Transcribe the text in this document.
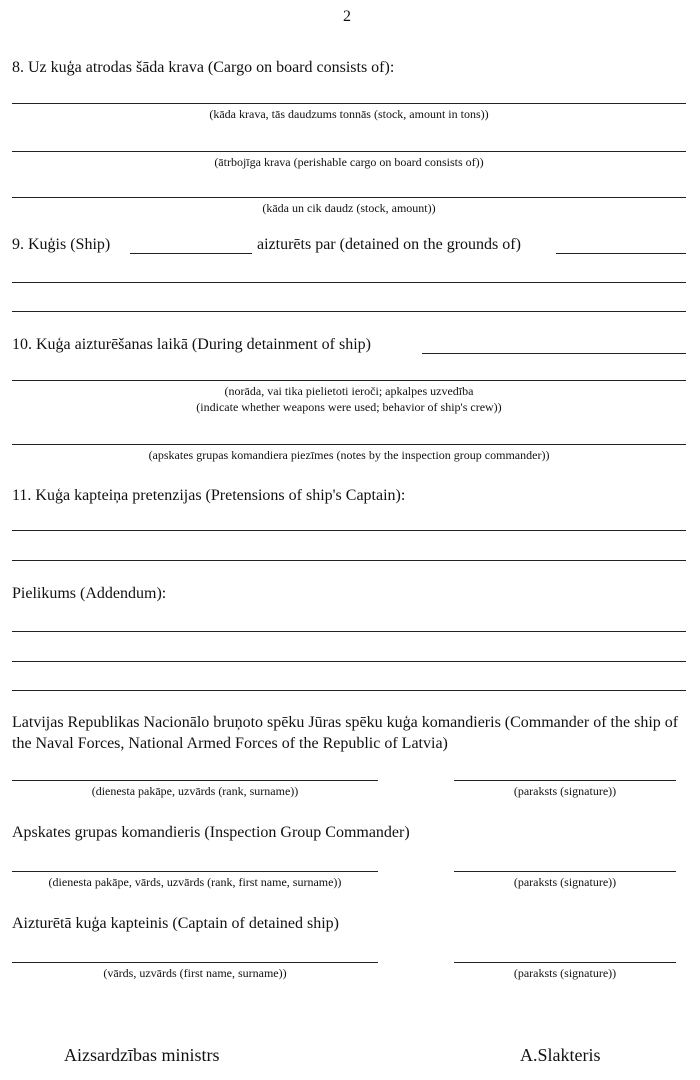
2
8. Uz kuģa atrodas šāda krava (Cargo on board consists of):
(kāda krava, tās daudzums tonnās (stock, amount in tons))
(ātrbojīga krava (perishable cargo on board consists of))
(kāda un cik daudz (stock, amount))
9. Kuģis (Ship)	aizturēts par (detained on the grounds of)
10. Kuģa aizturēšanas laikā (During detainment of ship)
(norāda, vai tika pielietoti ieroči; apkalpes uzvedība
(indicate whether weapons were used; behavior of ship's crew))
(apskates grupas komandiera piezīmes (notes by the inspection group commander))
11. Kuģa kapteiņa pretenzijas (Pretensions of ship's Captain):
Pielikums (Addendum):
Latvijas Republikas Nacionālo bruņoto spēku Jūras spēku kuģa komandieris (Commander of the ship of the Naval Forces, National Armed Forces of the Republic of Latvia)
(dienesta pakāpe, uzvārds (rank, surname))	(paraksts (signature))
Apskates grupas komandieris (Inspection Group Commander)
(dienesta pakāpe, vārds, uzvārds (rank, first name, surname))	(paraksts (signature))
Aizturētā kuģa kapteinis (Captain of detained ship)
(vārds, uzvārds (first name, surname))	(paraksts (signature))
Aizsardzības ministrs	A.Slakteris
